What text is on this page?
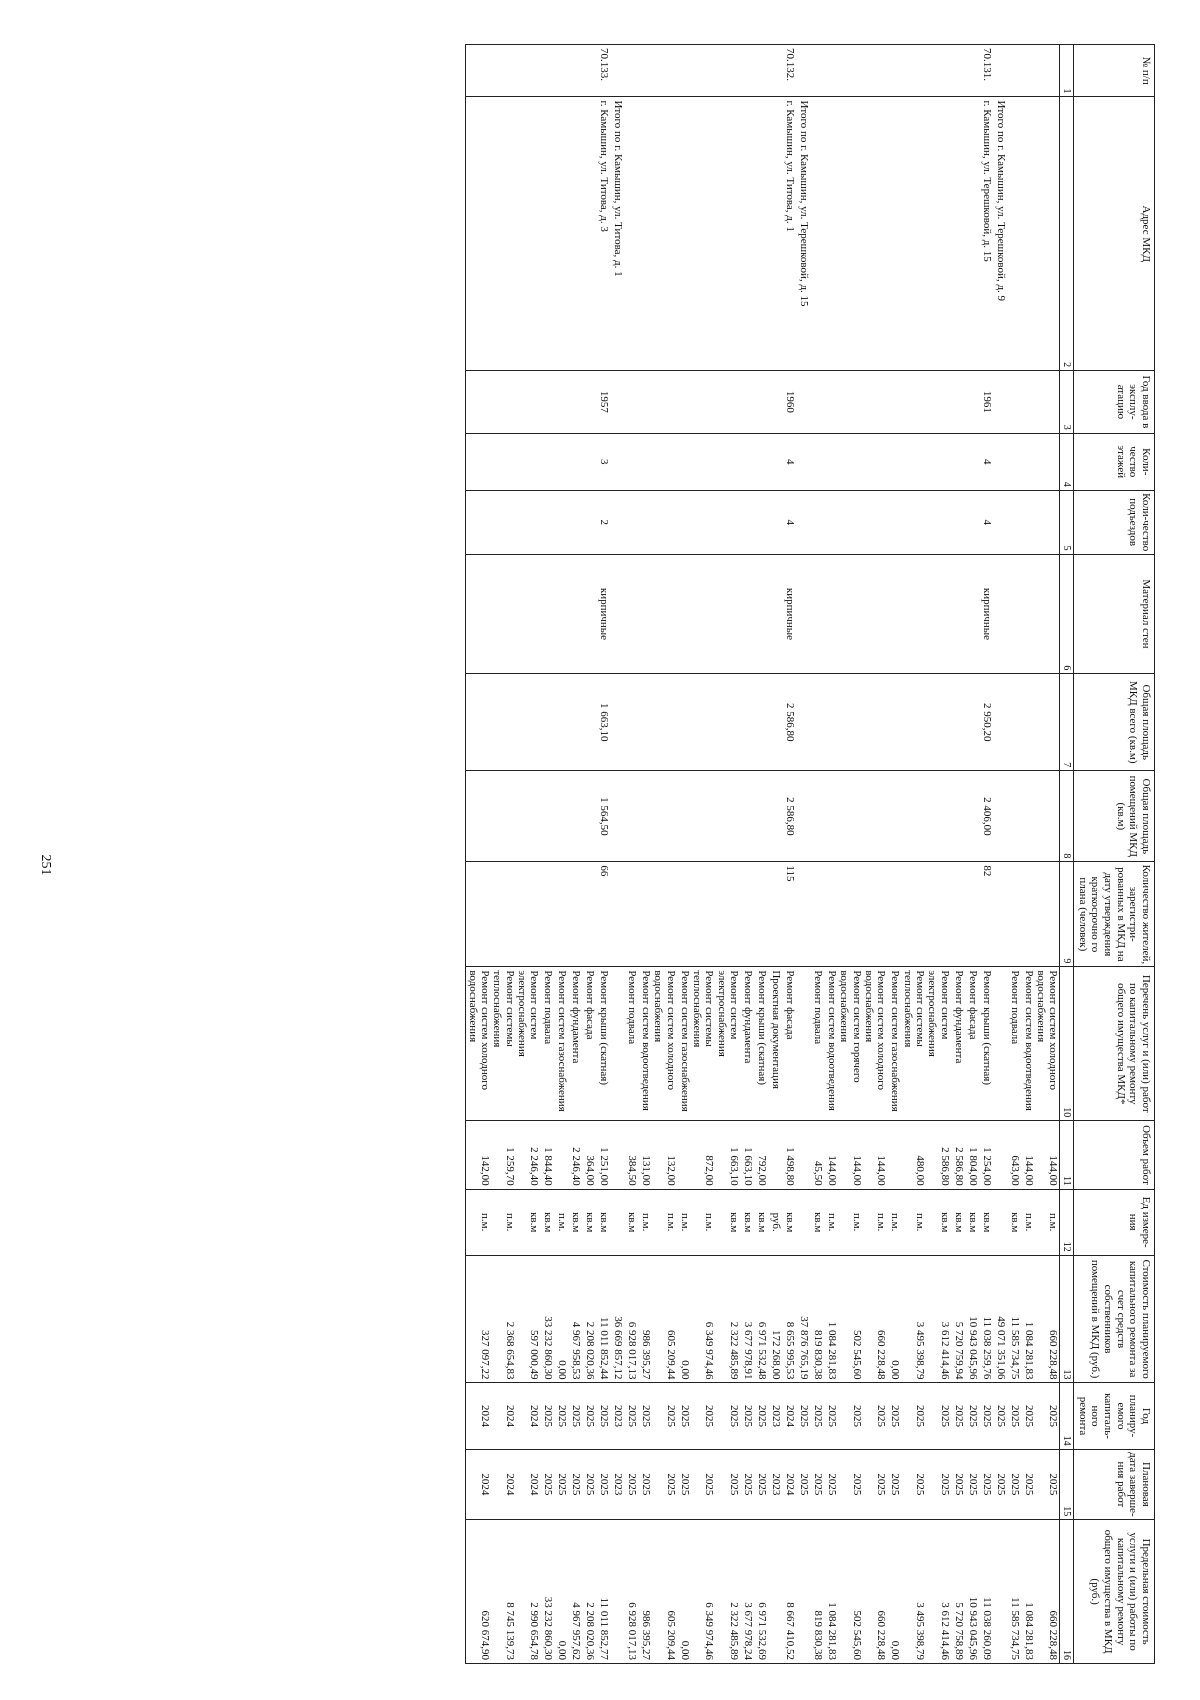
251
№ п/п	Адрес МКД	Год ввода в эксплу-атацию	Коли-чество этажей	Коли-чество подъездов	Материал стен	Общая площадь МКД всего (кв.м)	Общая площадь помещений МКД (кв.м)	Количество жителей, зарегистри-рованных в МКД на дату утверждения краткосрочно го плана (человек)	Перечень услуг и (или) работ по капитальному ремонту общего имущества МКД*	Объем работ	Ед измере-ния	Стоимость планируемого капитального ремонта за счет средств собственников помещений в МКД (руб.)	Год планиру-емого капиталь-ного ремонта	Плановая дата заверше-ния работ	Предельная стоимость услуги и (или) работы по капитальному ремонту общего имущества в МКД (руб.)
1	2	3	4	5	6	7	8	9	10	11	12	13	14	15	16
									Ремонт систем холодного водоснабжения	144,00	п.м.	660 228,48	2025	2025	660 228,48
									Ремонт систем водоотведения	144,00	п.м.	1 084 281,83	2025	2025	1 084 281,83
									Ремонт подвала	643,00	кв.м	11 585 734,75	2025	2025	11 585 734,75
	Итого по г. Камышин, ул. Терешковой, д. 9											49 071 351,06	2025	2025	
70.131.	г. Камышин, ул. Терешковой, д. 15	1961	4	4	кирпичные	2 950,20	2 406,00	82	Ремонт крыши (скатная)	1 254,00	кв.м	11 038 259,76	2025	2025	11 038 260,09
									Ремонт фасада	1 804,00	кв.м	10 943 045,96	2025	2025	10 943 045,96
									Ремонт фундамента	2 586,80	кв.м	5 720 759,94	2025	2025	5 720 758,89
									Ремонт систем электроснабжения	2 586,80	кв.м	3 612 414,46	2025	2025	3 612 414,46
									Ремонт системы теплоснабжения	480,00	п.м.	3 495 398,79	2025	2025	3 495 398,79
									Ремонт систем газоснабжения		п.м.	0,00	2025	2025	0,00
									Ремонт систем холодного водоснабжения	144,00	п.м.	660 228,48	2025	2025	660 228,48
									Ремонт систем горячего водоснабжения	144,00	п.м.	502 545,60	2025	2025	502 545,60
									Ремонт систем водоотведения	144,00	п.м.	1 084 281,83	2025	2025	1 084 281,83
									Ремонт подвала	45,50	кв.м	819 830,38	2025	2025	819 830,38
	Итого по г. Камышин, ул. Терешковой, д. 15											37 876 765,19	2025	2025	
70.132.	г. Камышин, ул. Титова, д. 1	1960	4	4	кирпичные	2 586,80	2 586,80	115	Ремонт фасада	1 498,80	кв.м	8 655 995,53	2024	2024	8 667 410,52
									Проектная документация		руб.	172 268,00	2023	2023	
									Ремонт крыши (скатная)	792,00	кв.м	6 971 532,48	2025	2025	6 971 532,69
									Ремонт фундамента	1 663,10	кв.м	3 677 978,91	2025	2025	3 677 978,24
									Ремонт систем электроснабжения	1 663,10	кв.м	2 322 485,89	2025	2025	2 322 485,89
									Ремонт системы теплоснабжения	872,00	п.м.	6 349 974,46	2025	2025	6 349 974,46
									Ремонт систем газоснабжения		п.м.	0,00	2025	2025	0,00
									Ремонт систем холодного водоснабжения	132,00	п.м.	605 209,44	2025	2025	605 209,44
									Ремонт систем водоотведения	131,00	п.м.	986 395,27	2025	2025	986 395,27
									Ремонт подвала	384,50	кв.м	6 928 017,13	2025	2025	6 928 017,13
	Итого по г. Камышин, ул. Титова, д. 1											36 669 857,12	2023	2023	
70.133.	г. Камышин, ул. Титова, д. 3	1957	3	2	кирпичные	1 663,10	1 564,50	66	Ремонт крыши (скатная)	1 251,00	кв.м	11 011 852,44	2025	2025	11 011 852,77
									Ремонт фасада	364,00	кв.м	2 208 020,36	2025	2025	2 208 020,36
									Ремонт фундамента	2 246,40	кв.м	4 967 958,53	2025	2025	4 967 957,62
									Ремонт систем газоснабжения		п.м.	0,00	2025	2025	0,00
									Ремонт подвала	1 844,40	кв.м	33 232 860,30	2025	2025	33 232 860,30
									Ремонт систем электроснабжения	2 246,40	кв.м	597 000,49	2024	2024	2 990 654,78
									Ремонт системы теплоснабжения	1 259,70	п.м.	2 368 654,83	2024	2024	8 745 139,73
									Ремонт систем холодного водоснабжения	142,00	п.м.	327 097,22	2024	2024	620 674,90
